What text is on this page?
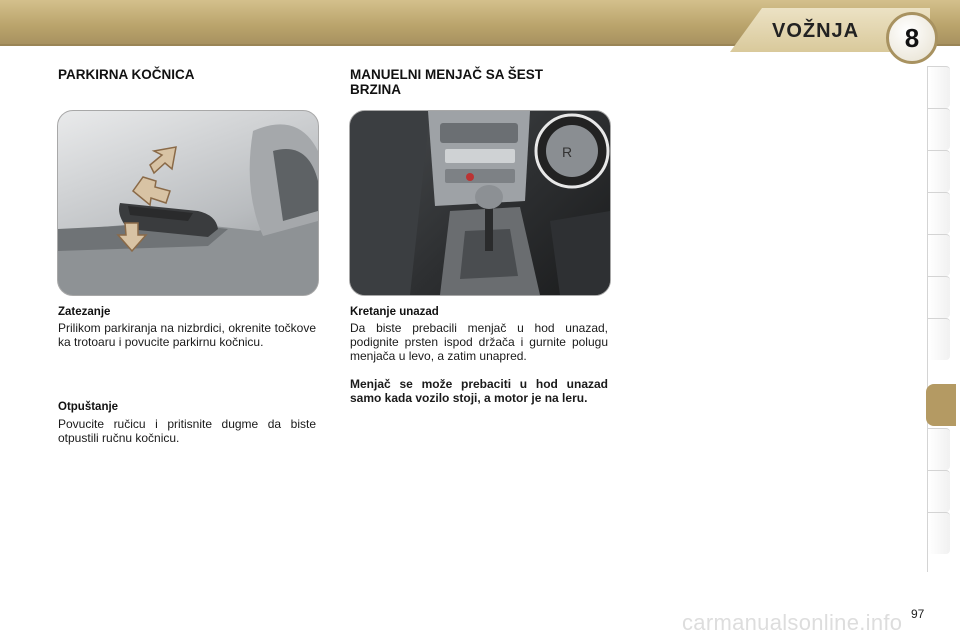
VOŽNJA 8
PARKIRNA KOČNICA	MANUELNI MENJAČ SA ŠEST BRZINA
R
Zatezanje

Prilikom parkiranja na nizbrdici, okrenite točkove ka trotoaru i povucite parkirnu kočnicu.

Otpuštanje

Povucite ručicu i pritisnite dugme da biste otpustili ručnu kočnicu.

Kretanje unazad

Da biste prebacili menjač u hod unazad, podignite prsten ispod držača i gurnite polugu menjača u levo, a zatim unapred.

Menjač se može prebaciti u hod unazad samo kada vozilo stoji, a motor je na leru.

97
carmanualsonline.info
